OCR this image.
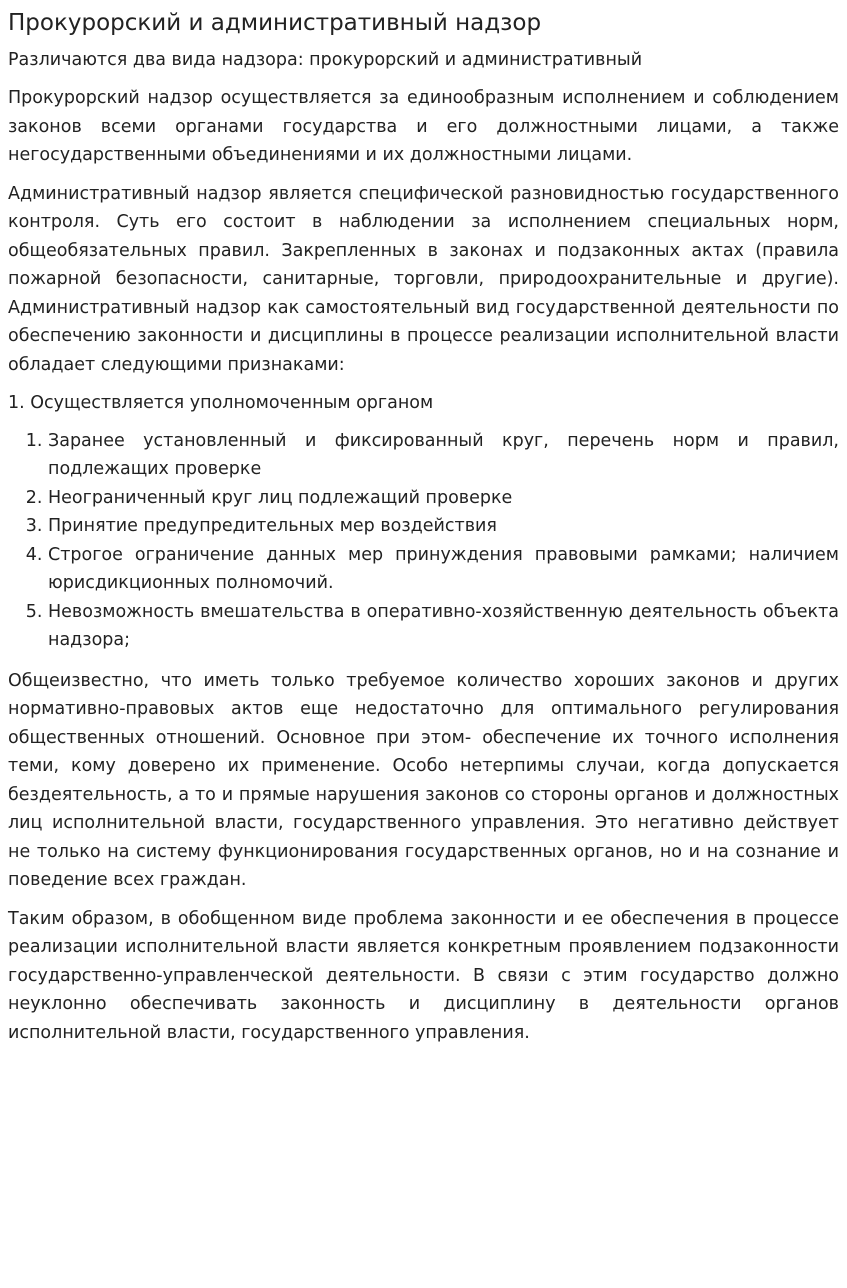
Прокурорский и административный надзор
Различаются два вида надзора: прокурорский и административный

Прокурорский надзор осуществляется за единообразным исполнением и соблюдением законов всеми органами государства и его должностными лицами, а также негосударственными объединениями и их должностными лицами.

Административный надзор является специфической разновидностью государственного контроля. Суть его состоит в наблюдении за исполнением специальных норм, общеобязательных правил. Закрепленных в законах и подзаконных актах (правила пожарной безопасности, санитарные, торговли, природоохранительные и другие). Административный надзор как самостоятельный вид государственной деятельности по обеспечению законности и дисциплины в процессе реализации исполнительной власти обладает следующими признаками:

1. Осуществляется уполномоченным органом
1. Заранее установленный и фиксированный круг, перечень норм и правил, подлежащих проверке
2. Неограниченный круг лиц подлежащий проверке
3. Принятие предупредительных мер воздействия
4. Строгое ограничение данных мер принуждения правовыми рамками; наличием юрисдикционных полномочий.
5. Невозможность вмешательства в оперативно-хозяйственную деятельность объекта надзора;

Общеизвестно, что иметь только требуемое количество хороших законов и других нормативно-правовых актов еще недостаточно для оптимального регулирования общественных отношений. Основное при этом- обеспечение их точного исполнения теми, кому доверено их применение. Особо нетерпимы случаи, когда допускается бездеятельность, а то и прямые нарушения законов со стороны органов и должностных лиц исполнительной власти, государственного управления. Это негативно действует не только на систему функционирования государственных органов, но и на сознание и поведение всех граждан.

Таким образом, в обобщенном виде проблема законности и ее обеспечения в процессе реализации исполнительной власти является конкретным проявлением подзаконности государственно-управленческой деятельности. В связи с этим государство должно неуклонно обеспечивать законность и дисциплину в деятельности органов исполнительной власти, государственного управления.
